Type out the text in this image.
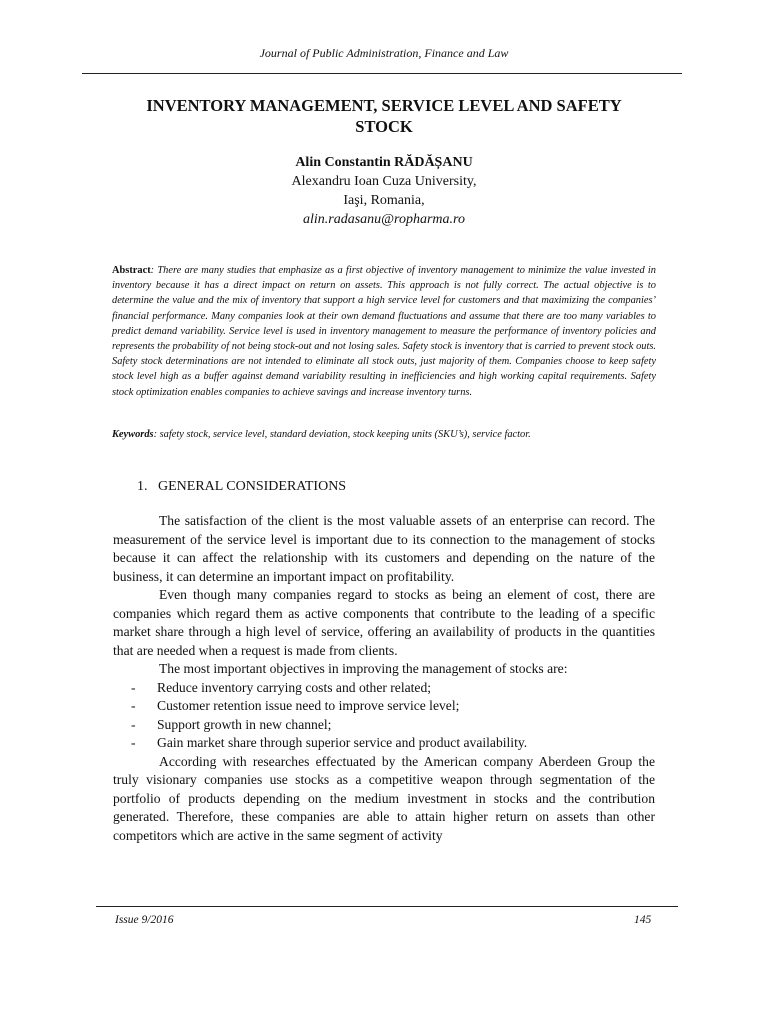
Journal of Public Administration, Finance and Law
INVENTORY MANAGEMENT, SERVICE LEVEL AND SAFETY
STOCK
Alin Constantin RĂDĂȘANU
Alexandru Ioan Cuza University,
Iaşi, Romania,
alin.radasanu@ropharma.ro
Abstract: There are many studies that emphasize as a first objective of inventory management to minimize the value invested in inventory because it has a direct impact on return on assets. This approach is not fully correct. The actual objective is to determine the value and the mix of inventory that support a high service level for customers and that maximizing the companies’ financial performance. Many companies look at their own demand fluctuations and assume that there are too many variables to predict demand variability. Service level is used in inventory management to measure the performance of inventory policies and represents the probability of not being stock-out and not losing sales. Safety stock is inventory that is carried to prevent stock outs. Safety stock determinations are not intended to eliminate all stock outs, just majority of them. Companies choose to keep safety stock level high as a buffer against demand variability resulting in inefficiencies and high working capital requirements. Safety stock optimization enables companies to achieve savings and increase inventory turns.
Keywords: safety stock, service level, standard deviation, stock keeping units (SKU’s), service factor.
1. GENERAL CONSIDERATIONS

The satisfaction of the client is the most valuable assets of an enterprise can record. The measurement of the service level is important due to its connection to the management of stocks because it can affect the relationship with its customers and depending on the nature of the business, it can determine an important impact on profitability.

Even though many companies regard to stocks as being an element of cost, there are companies which regard them as active components that contribute to the leading of a specific market share through a high level of service, offering an availability of products in the quantities that are needed when a request is made from clients.

The most important objectives in improving the management of stocks are:

- Reduce inventory carrying costs and other related;
- Customer retention issue need to improve service level;
- Support growth in new channel;
- Gain market share through superior service and product availability.

According with researches effectuated by the American company Aberdeen Group the truly visionary companies use stocks as a competitive weapon through segmentation of the portfolio of products depending on the medium investment in stocks and the contribution generated. Therefore, these companies are able to attain higher return on assets than other competitors which are active in the same segment of activity

Issue 9/2016	145
